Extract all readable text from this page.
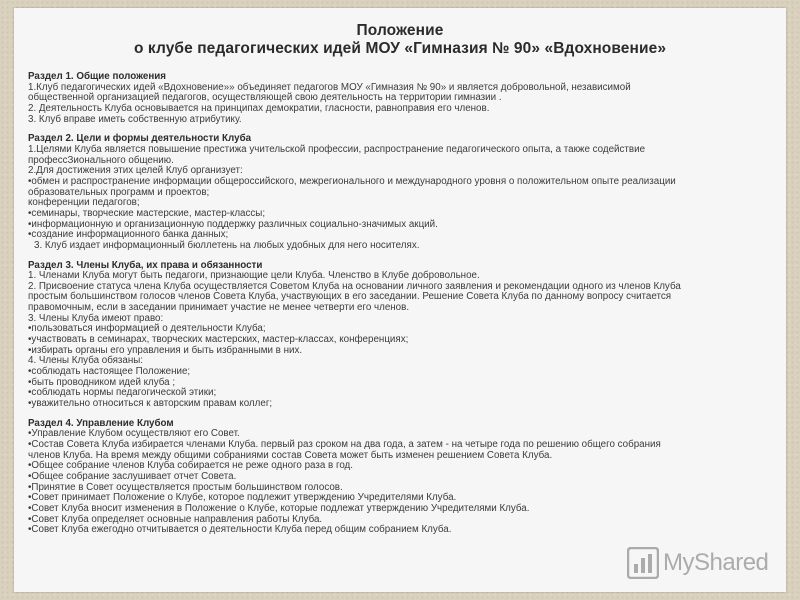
Положение
о клубе педагогических идей МОУ «Гимназия № 90» «Вдохновение»
Раздел 1. Общие положения
1.Клуб педагогических идей «Вдохновение»» объединяет педагогов МОУ «Гимназия № 90» и является добровольной, независимой
общественной организацией педагогов, осуществляющей свою деятельность на территории гимназии .
2. Деятельность Клуба основывается на принципах демократии, гласности, равноправия его членов.
3. Клуб вправе иметь собственную атрибутику.
Раздел 2. Цели и формы деятельности Клуба
1.Целями Клуба является повышение престижа учительской профессии, распространение педагогического опыта, а также содействие
профессЗионального общению.
2.Для достижения этих целей Клуб организует:
•обмен и распространение информации общероссийского, межрегионального и международного уровня о положительном опыте реализации
образовательных программ и проектов;
конференции педагогов;
•семинары, творческие мастерские, мастер-классы;
•информационную и организационную поддержку различных социально-значимых акций.
•создание информационного банка данных;
3. Клуб издает информационный бюллетень на любых удобных для него носителях.
Раздел 3. Члены Клуба, их права и обязанности
1. Членами Клуба могут быть педагоги, признающие цели Клуба. Членство в Клубе добровольное.
2. Присвоение статуса члена Клуба осуществляется Советом Клуба на основании личного заявления и рекомендации одного из членов Клуба
простым большинством голосов членов Совета Клуба, участвующих в его заседании. Решение Совета Клуба по данному вопросу считается
правомочным, если в заседании принимает участие не менее четверти его членов.
3. Члены Клуба имеют право:
•пользоваться информацией о деятельности Клуба;
•участвовать в семинарах, творческих мастерских, мастер-классах, конференциях;
•избирать органы его управления и быть избранными в них.
4. Члены Клуба обязаны:
•соблюдать настоящее Положение;
•быть проводником идей клуба ;
•соблюдать нормы педагогической этики;
•уважительно относиться к авторским правам коллег;
Раздел 4. Управление Клубом
•Управление Клубом осуществляют его Совет.
•Состав Совета Клуба избирается членами Клуба. первый раз сроком на два года, а затем - на четыре года по решению общего собрания
членов Клуба. На время между общими собраниями состав Совета может быть изменен решением Совета Клуба.
•Общее собрание членов Клуба собирается не реже одного раза в год.
•Общее собрание заслушивает отчет Совета.
•Принятие в Совет осуществляется простым большинством голосов.
•Совет принимает Положение о Клубе, которое подлежит утверждению Учредителями Клуба.
•Совет Клуба вносит изменения в Положение о Клубе, которые подлежат утверждению Учредителями Клуба.
•Совет Клуба определяет основные направления работы Клуба.
•Совет Клуба ежегодно отчитывается о деятельности Клуба перед общим собранием Клуба.
MyShared
